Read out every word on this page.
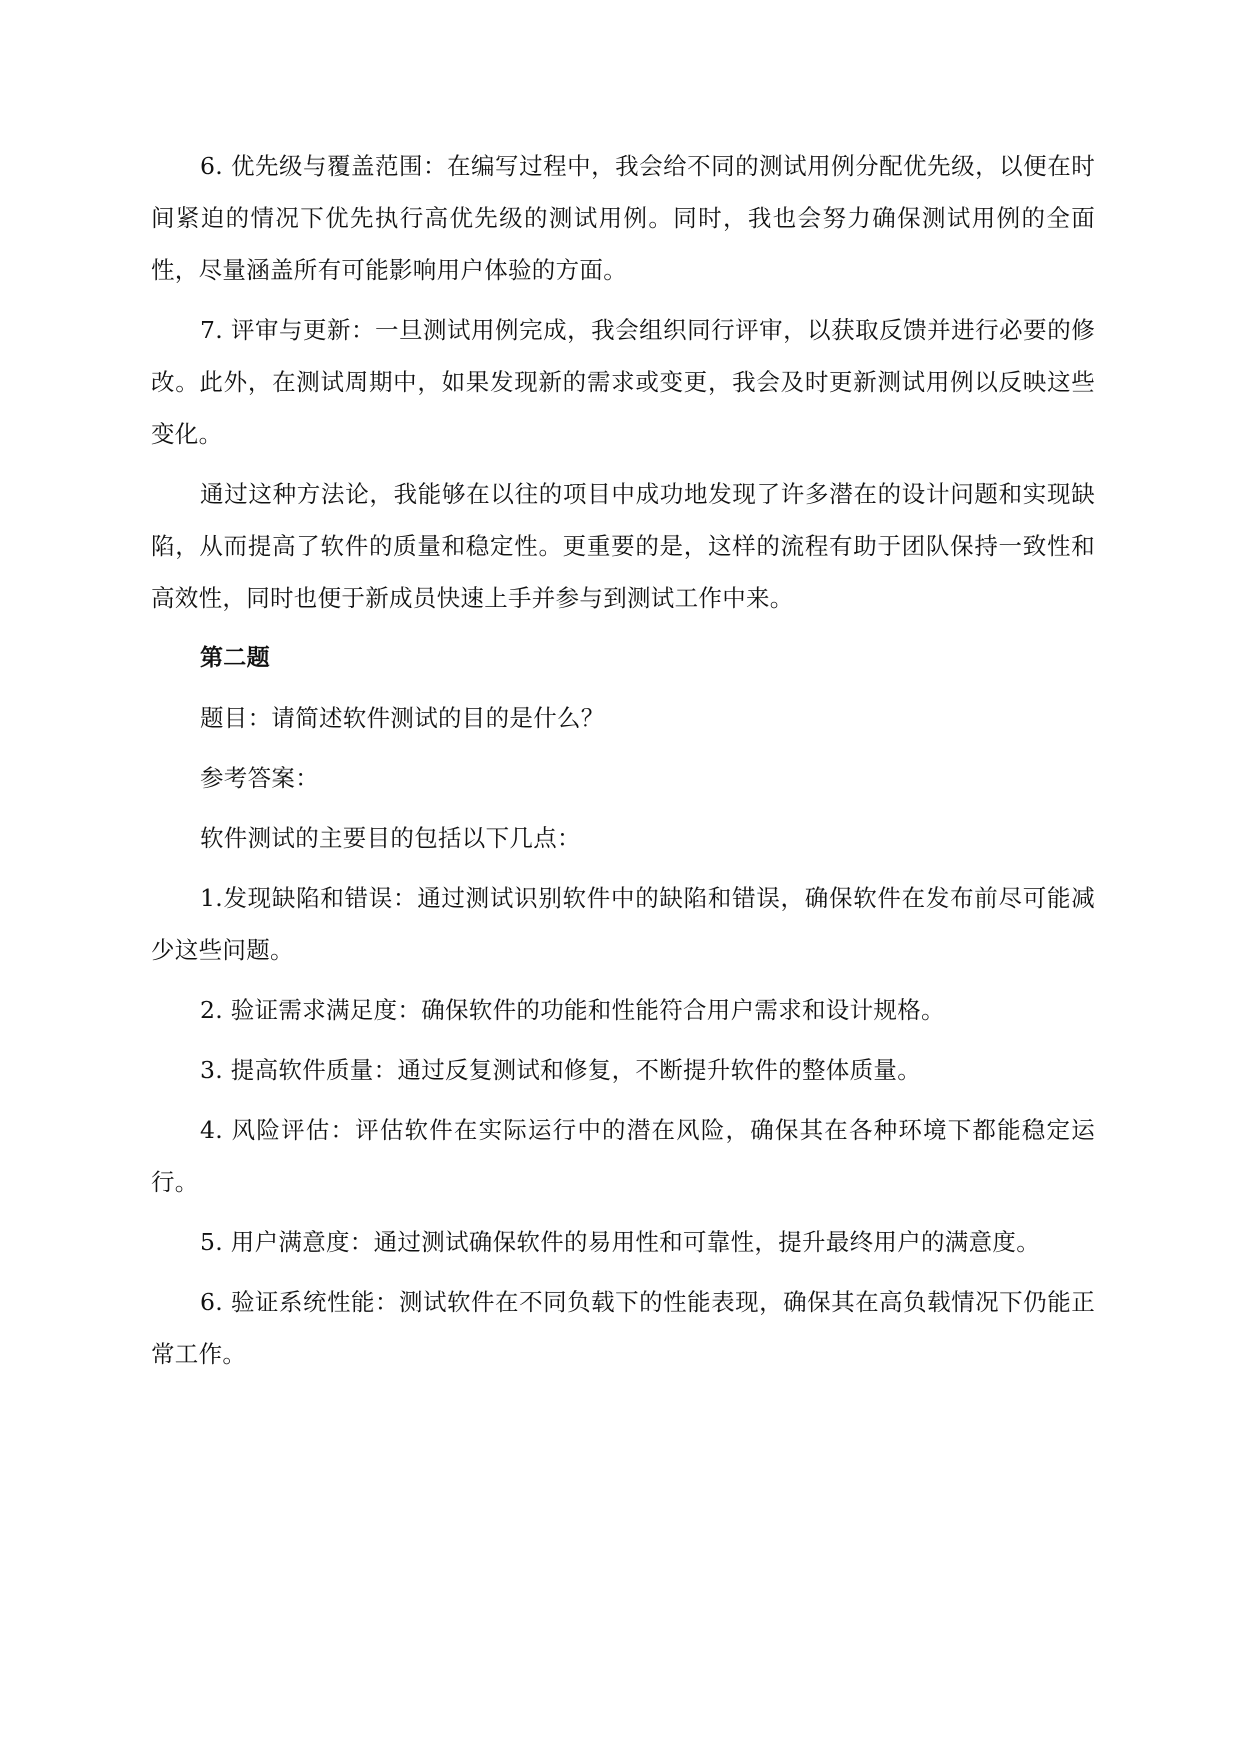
6. 优先级与覆盖范围：在编写过程中，我会给不同的测试用例分配优先级，以便在时间紧迫的情况下优先执行高优先级的测试用例。同时，我也会努力确保测试用例的全面性，尽量涵盖所有可能影响用户体验的方面。

7. 评审与更新：一旦测试用例完成，我会组织同行评审，以获取反馈并进行必要的修改。此外，在测试周期中，如果发现新的需求或变更，我会及时更新测试用例以反映这些变化。

通过这种方法论，我能够在以往的项目中成功地发现了许多潜在的设计问题和实现缺陷，从而提高了软件的质量和稳定性。更重要的是，这样的流程有助于团队保持一致性和高效性，同时也便于新成员快速上手并参与到测试工作中来。

第二题

题目：请简述软件测试的目的是什么？

参考答案：

软件测试的主要目的包括以下几点：

1.发现缺陷和错误：通过测试识别软件中的缺陷和错误，确保软件在发布前尽可能减少这些问题。

2. 验证需求满足度：确保软件的功能和性能符合用户需求和设计规格。

3. 提高软件质量：通过反复测试和修复，不断提升软件的整体质量。

4. 风险评估：评估软件在实际运行中的潜在风险，确保其在各种环境下都能稳定运行。

5. 用户满意度：通过测试确保软件的易用性和可靠性，提升最终用户的满意度。

6. 验证系统性能：测试软件在不同负载下的性能表现，确保其在高负载情况下仍能正常工作。
